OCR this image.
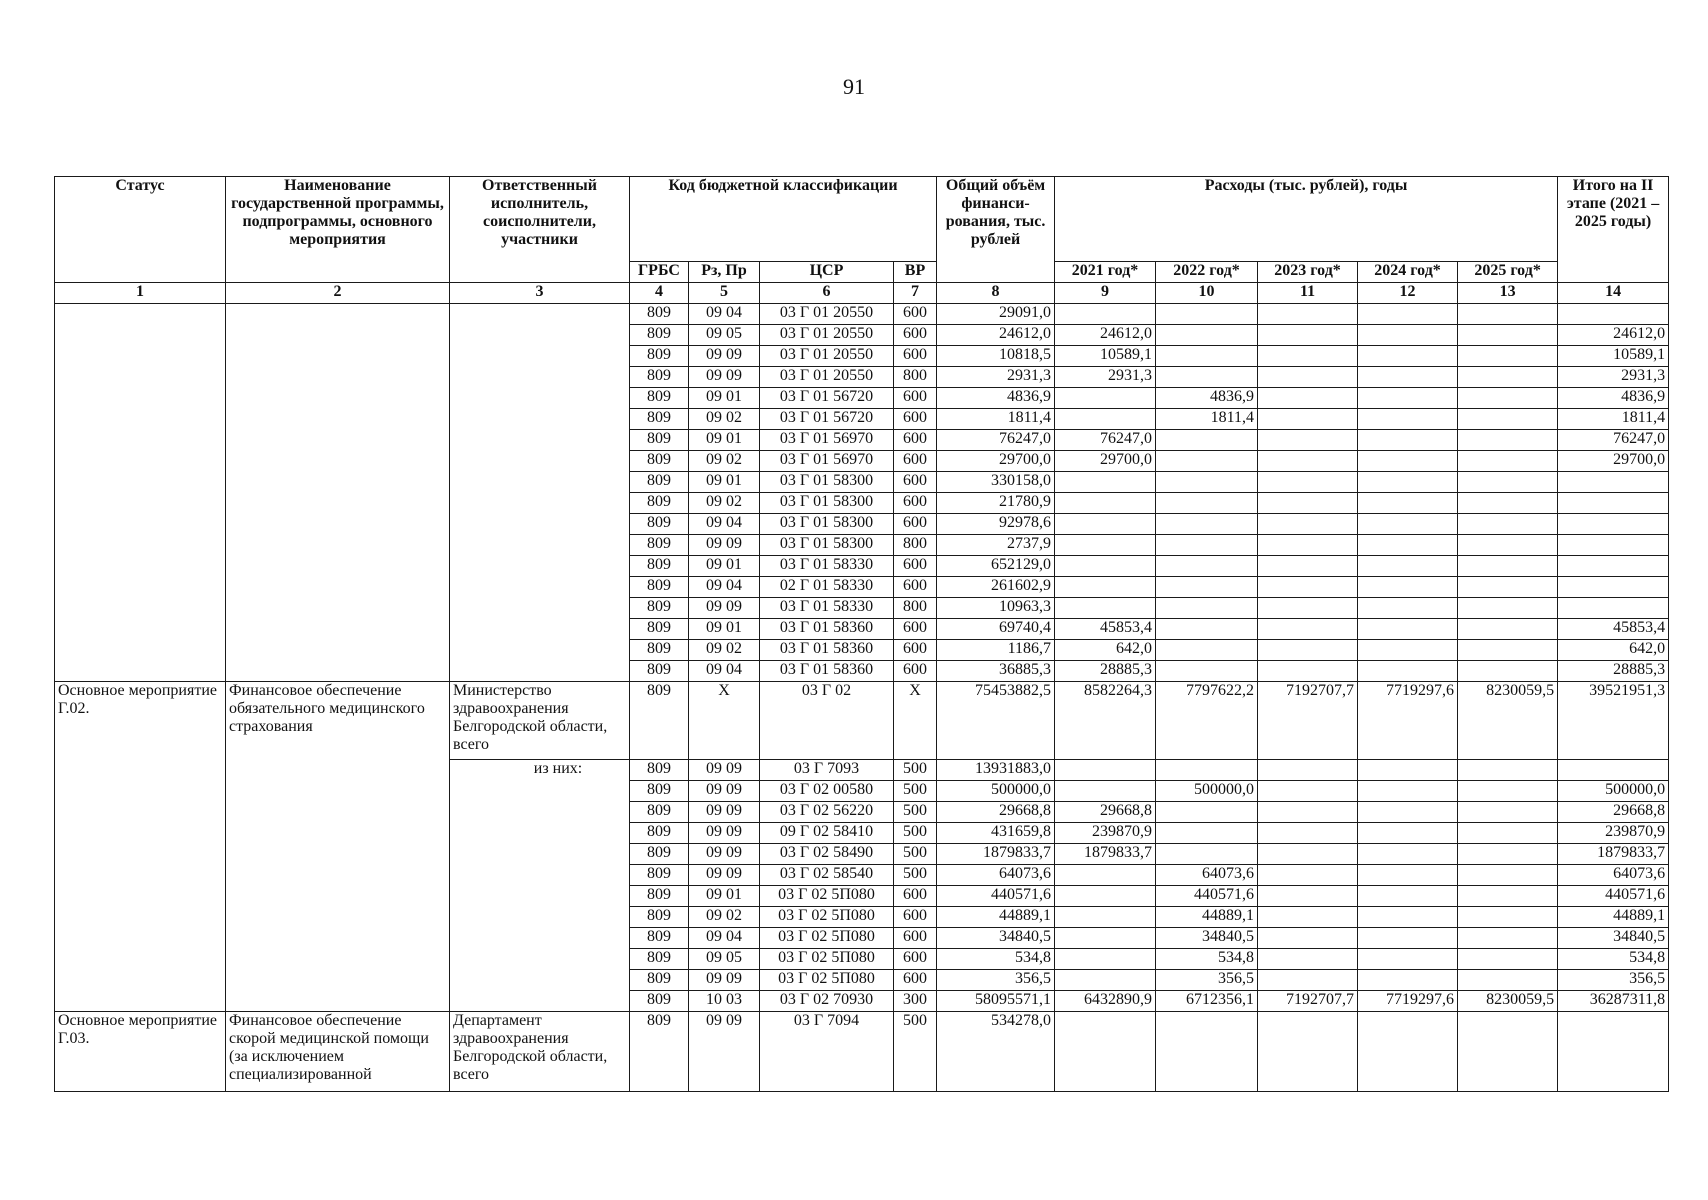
91
Статус	Наименование государственной программы, подпрограммы, основного мероприятия	Ответственный исполнитель, соисполнители, участники	Код бюджетной классификации				Общий объём финанси-рования, тыс. рублей	Расходы (тыс. рублей), годы					Итого на II этапе (2021 – 2025 годы)
			ГРБС	Рз, Пр	ЦСР	ВР		2021 год*	2022 год*	2023 год*	2024 год*	2025 год*	
1	2	3	4	5	6	7	8	9	10	11	12	13	14
			809	09 04	03 Г 01 20550	600	29091,0						
			809	09 05	03 Г 01 20550	600	24612,0	24612,0					24612,0
			809	09 09	03 Г 01 20550	600	10818,5	10589,1					10589,1
			809	09 09	03 Г 01 20550	800	2931,3	2931,3					2931,3
			809	09 01	03 Г 01 56720	600	4836,9		4836,9				4836,9
			809	09 02	03 Г 01 56720	600	1811,4		1811,4				1811,4
			809	09 01	03 Г 01 56970	600	76247,0	76247,0					76247,0
			809	09 02	03 Г 01 56970	600	29700,0	29700,0					29700,0
			809	09 01	03 Г 01 58300	600	330158,0						
			809	09 02	03 Г 01 58300	600	21780,9						
			809	09 04	03 Г 01 58300	600	92978,6						
			809	09 09	03 Г 01 58300	800	2737,9						
			809	09 01	03 Г 01 58330	600	652129,0						
			809	09 04	02 Г 01 58330	600	261602,9						
			809	09 09	03 Г 01 58330	800	10963,3						
			809	09 01	03 Г 01 58360	600	69740,4	45853,4					45853,4
			809	09 02	03 Г 01 58360	600	1186,7	642,0					642,0
			809	09 04	03 Г 01 58360	600	36885,3	28885,3					28885,3
Основное мероприятие Г.02.	Финансовое обеспечение обязательного медицинского страхования	Министерство здравоохранения Белгородской области, всего	809	Х	03 Г 02	Х	75453882,5	8582264,3	7797622,2	7192707,7	7719297,6	8230059,5	39521951,3
		из них:	809	09 09	03 Г 7093	500	13931883,0						
			809	09 09	03 Г 02 00580	500	500000,0		500000,0				500000,0
			809	09 09	03 Г 02 56220	500	29668,8	29668,8					29668,8
			809	09 09	09 Г 02 58410	500	431659,8	239870,9					239870,9
			809	09 09	03 Г 02 58490	500	1879833,7	1879833,7					1879833,7
			809	09 09	03 Г 02 58540	500	64073,6		64073,6				64073,6
			809	09 01	03 Г 02 5П080	600	440571,6		440571,6				440571,6
			809	09 02	03 Г 02 5П080	600	44889,1		44889,1				44889,1
			809	09 04	03 Г 02 5П080	600	34840,5		34840,5				34840,5
			809	09 05	03 Г 02 5П080	600	534,8		534,8				534,8
			809	09 09	03 Г 02 5П080	600	356,5		356,5				356,5
			809	10 03	03 Г 02 70930	300	58095571,1	6432890,9	6712356,1	7192707,7	7719297,6	8230059,5	36287311,8
Основное мероприятие Г.03.	Финансовое обеспечение скорой медицинской помощи (за исключением специализированной	Департамент здравоохранения Белгородской области, всего	809	09 09	03 Г 7094	500	534278,0						
